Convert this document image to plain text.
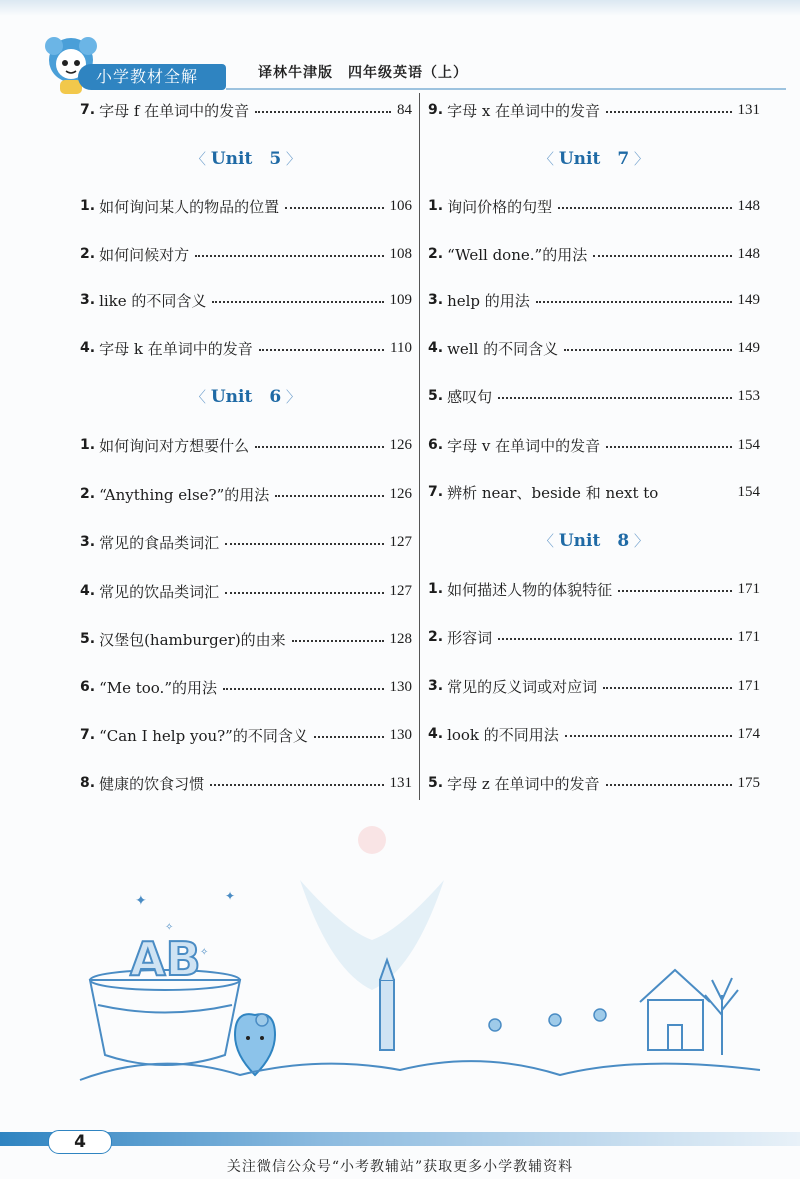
小学教材全解	译林牛津版　四年级英语（上）
7. 字母 f 在单词中的发音	84
〈 Unit　5 〉
1. 如何询问某人的物品的位置	106
2. 如何问候对方	108
3. like 的不同含义	109
4. 字母 k 在单词中的发音	110
〈 Unit　6 〉
1. 如何询问对方想要什么	126
2. “Anything else?”的用法	126
3. 常见的食品类词汇	127
4. 常见的饮品类词汇	127
5. 汉堡包(hamburger)的由来	128
6. “Me too.”的用法	130
7. “Can I help you?”的不同含义	130
8. 健康的饮食习惯	131
9. 字母 x 在单词中的发音	131
〈 Unit　7 〉
1. 询问价格的句型	148
2. “Well done.”的用法	148
3. help 的用法	149
4. well 的不同含义	149
5. 感叹句	153
6. 字母 v 在单词中的发音	154
7. 辨析 near、beside 和 next to	154
〈 Unit　8 〉
1. 如何描述人物的体貌特征	171
2. 形容词	171
3. 常见的反义词或对应词	171
4. look 的不同用法	174
5. 字母 z 在单词中的发音	175
✦
✧
✦
✧
AB
4
关注微信公众号“小考教辅站”获取更多小学教辅资料
